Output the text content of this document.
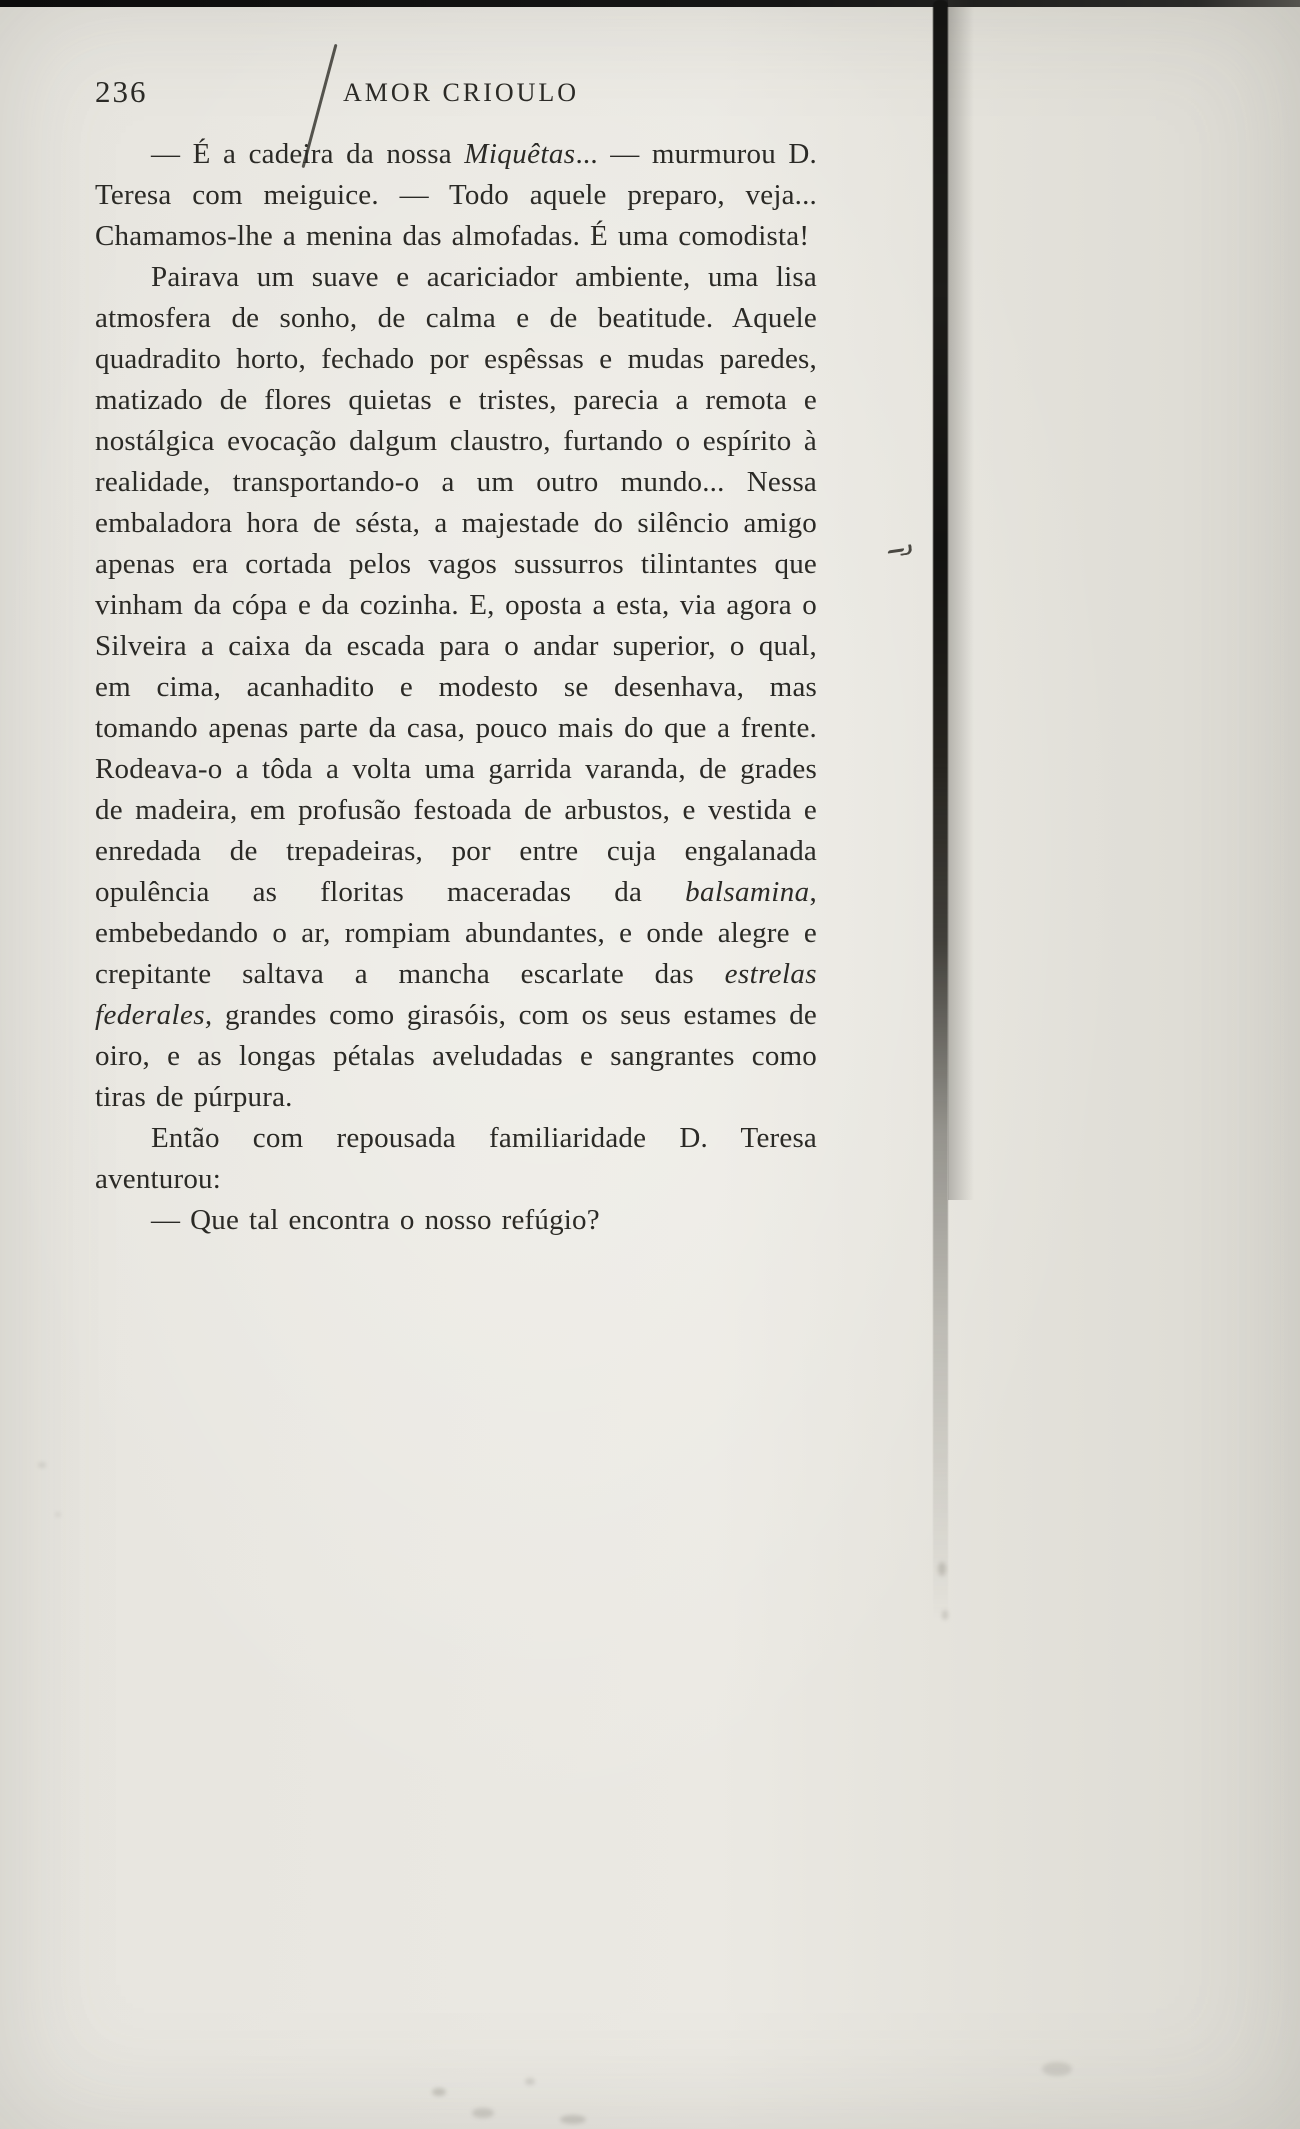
236	AMOR CRIOULO

— É a cadeira da nossa Miquêtas... — murmurou D. Teresa com meiguice. — Todo aquele preparo, veja... Chamamos-lhe a menina das almofadas. É uma comodista!

Pairava um suave e acariciador ambiente, uma lisa atmosfera de sonho, de calma e de beatitude. Aquele quadradito horto, fechado por espêssas e mudas paredes, matizado de flores quietas e tristes, parecia a remota e nostálgica evocação dalgum claustro, furtando o espírito à realidade, transportando-o a um outro mundo... Nessa embaladora hora de sésta, a majestade do silêncio amigo apenas era cortada pelos vagos sussurros tilintantes que vinham da cópa e da cozinha. E, oposta a esta, via agora o Silveira a caixa da escada para o andar superior, o qual, em cima, acanhadito e modesto se desenhava, mas tomando apenas parte da casa, pouco mais do que a frente. Rodeava-o a tôda a volta uma garrida varanda, de grades de madeira, em profusão festoada de arbustos, e vestida e enredada de trepadeiras, por entre cuja engalanada opulência as floritas maceradas da balsamina, embebedando o ar, rompiam abundantes, e onde alegre e crepitante saltava a mancha escarlate das estrelas federales, grandes como girasóis, com os seus estames de oiro, e as longas pétalas aveludadas e sangrantes como tiras de púrpura.

Então com repousada familiaridade D. Teresa aventurou:

— Que tal encontra o nosso refúgio?
